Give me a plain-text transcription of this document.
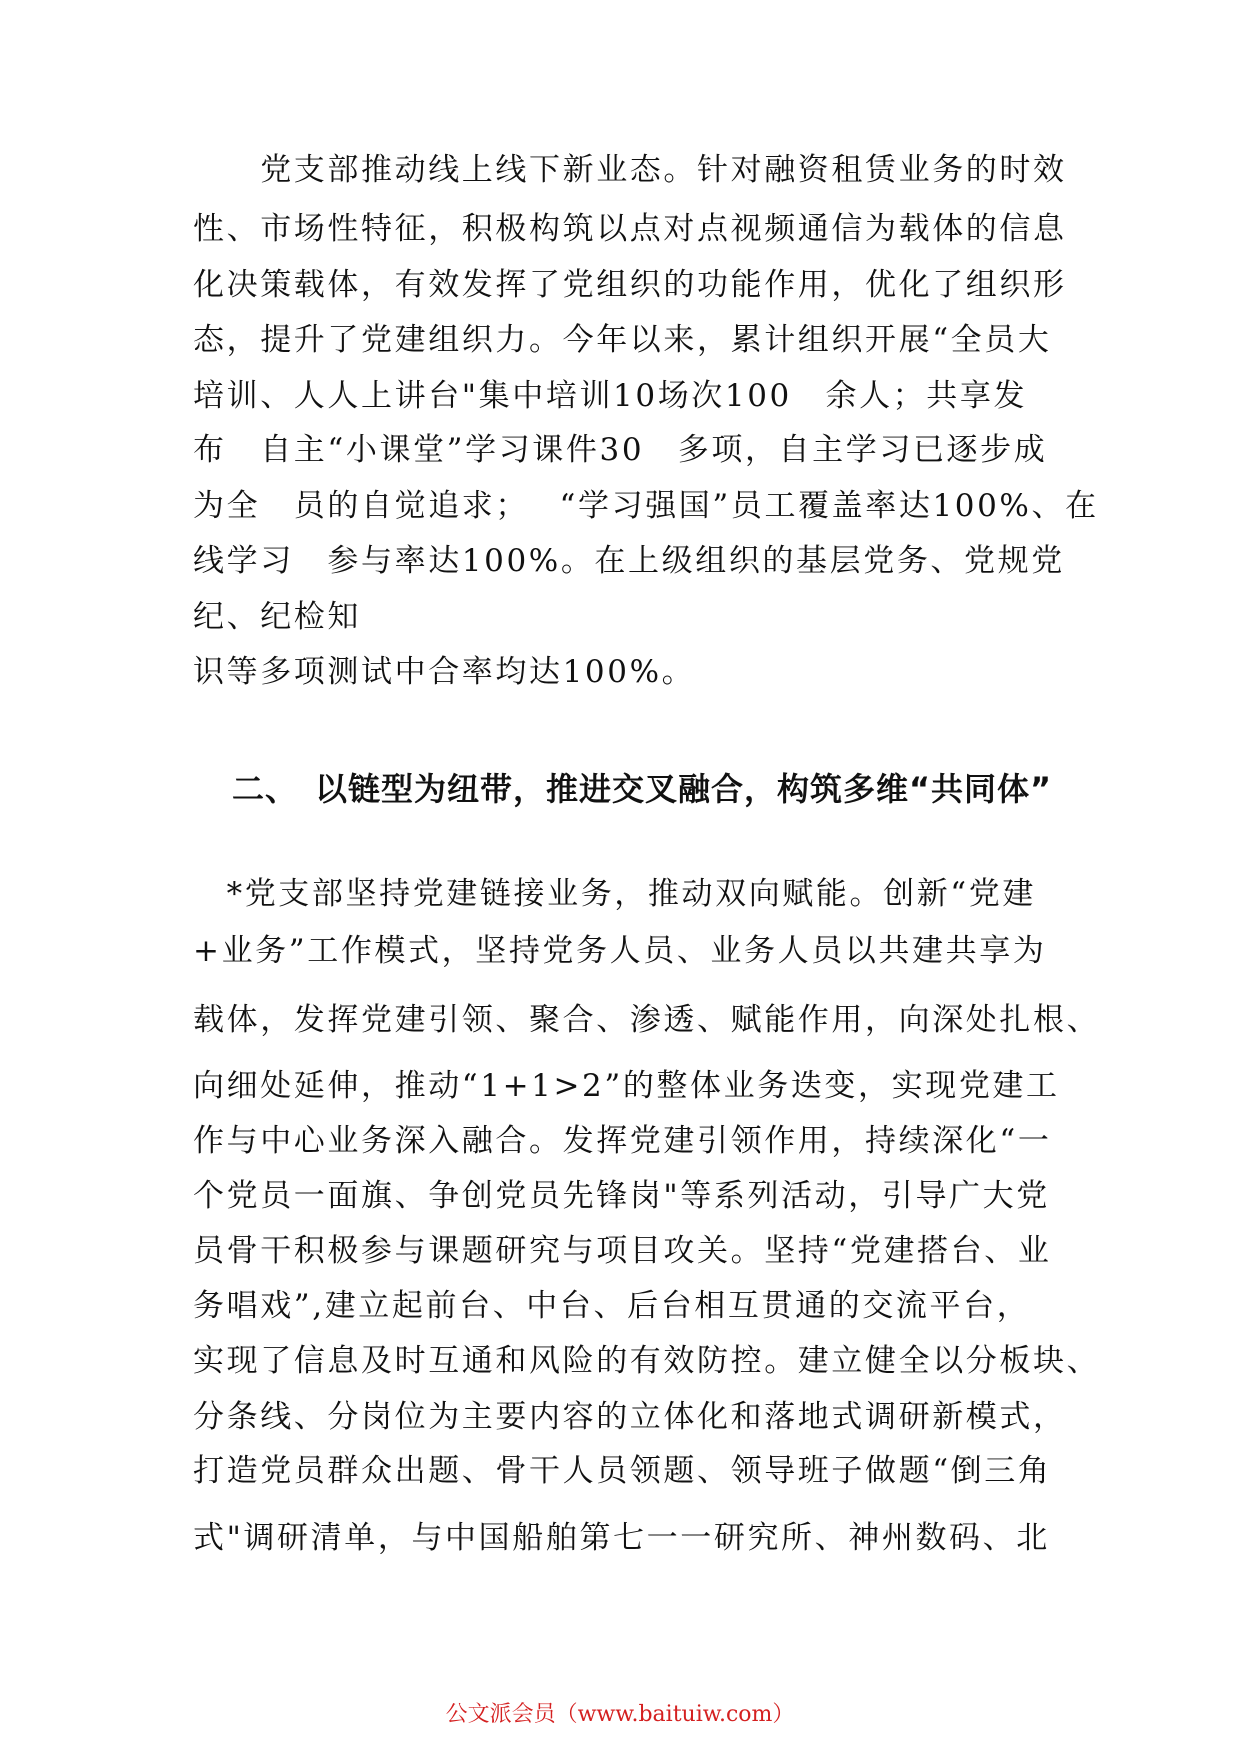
　　党支部推动线上线下新业态。针对融资租赁业务的时效
性、市场性特征，积极构筑以点对点视频通信为载体的信息
化决策载体，有效发挥了党组织的功能作用，优化了组织形
态，提升了党建组织力。今年以来，累计组织开展“全员大
培训、人人上讲台"集中培训10场次100　余人；共享发
布　自主“小课堂”学习课件30　多项，自主学习已逐步成
为全　员的自觉追求；　 “学习强国”员工覆盖率达100%、在
线学习　参与率达100%。在上级组织的基层党务、党规党
纪、纪检知
识等多项测试中合率均达100%。
二、　以链型为纽带，推进交叉融合，构筑多维“共同体”
　*党支部坚持党建链接业务，推动双向赋能。创新“党建
+业务”工作模式，坚持党务人员、业务人员以共建共享为
载体，发挥党建引领、聚合、渗透、赋能作用，向深处扎根、
向细处延伸，推动“1+1>2”的整体业务迭变，实现党建工
作与中心业务深入融合。发挥党建引领作用，持续深化“一
个党员一面旗、争创党员先锋岗"等系列活动，引导广大党
员骨干积极参与课题研究与项目攻关。坚持“党建搭台、业
务唱戏”,建立起前台、中台、后台相互贯通的交流平台，
实现了信息及时互通和风险的有效防控。建立健全以分板块、
分条线、分岗位为主要内容的立体化和落地式调研新模式，
打造党员群众出题、骨干人员领题、领导班子做题“倒三角
式"调研清单，与中国船舶第七一一研究所、神州数码、北
公文派会员（www.baituiw.com）
